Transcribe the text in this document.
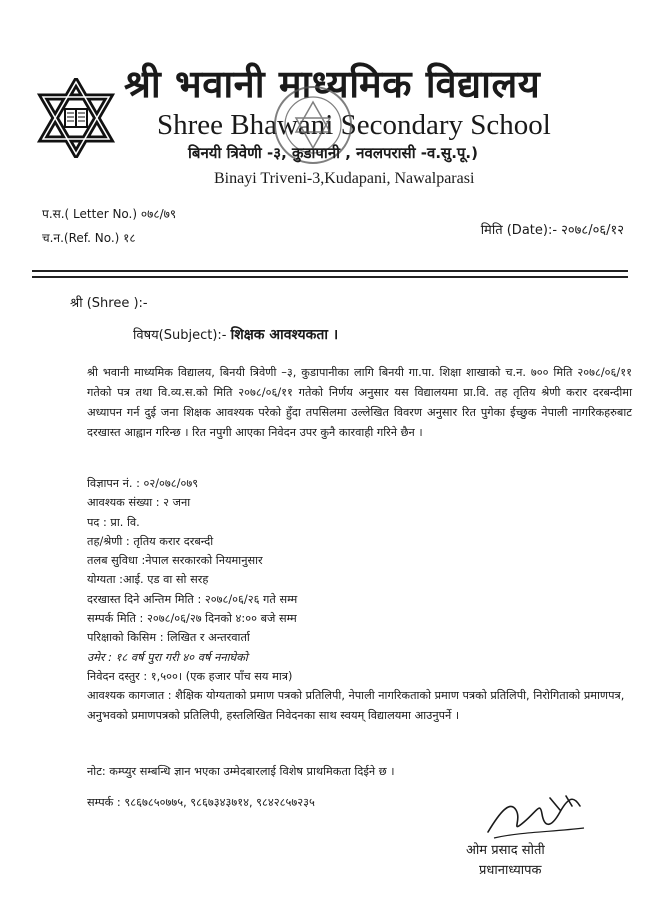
श्री भवानी माध्यमिक विद्यालय
Shree Bhawani Secondary School
बिनयी त्रिवेणी -३, कुडापानी , नवलपरासी -व.सु.पू.)
Binayi Triveni-3,Kudapani, Nawalparasi
प.स.( Letter No.) ०७८/७९
च.न.(Ref. No.) १८	मिति (Date):- २०७८/०६/१२
श्री (Shree ):-
विषय(Subject):- शिक्षक आवश्यकता ।
श्री भवानी माध्यमिक विद्यालय, बिनयी त्रिवेणी –३, कुडापानीका लागि बिनयी गा.पा. शिक्षा शाखाको च.न. ७०० मिति २०७८/०६/११ गतेको पत्र तथा वि.व्य.स.को मिति २०७८/०६/११ गतेको निर्णय अनुसार यस विद्यालयमा प्रा.वि. तह तृतिय श्रेणी करार दरबन्दीमा अध्यापन गर्न दुई जना शिक्षक आवश्यक परेको हुँदा तपसिलमा उल्लेखित विवरण अनुसार रित पुगेका ईच्छुक नेपाली नागरिकहरुबाट दरखास्त आह्वान गरिन्छ । रित नपुगी आएका निवेदन उपर कुनै कारवाही गरिने छैन ।
विज्ञापन नं. : ०२/०७८/०७९
आवश्यक संख्या : २ जना
पद : प्रा. वि.
तह/श्रेणी : तृतिय करार दरबन्दी
तलब सुविधा :नेपाल सरकारको नियमानुसार
योग्यता :आई. एड वा सो सरह
दरखास्त दिने अन्तिम मिति : २०७८/०६/२६ गते सम्म
सम्पर्क मिति : २०७८/०६/२७ दिनको ४:०० बजे सम्म
परिक्षाको किसिम : लिखित र अन्तरवार्ता
उमेर : १८ वर्ष पुरा गरी ४० वर्ष ननाघेको
निवेदन दस्तुर : १,५००। (एक हजार पाँच सय मात्र)
आवश्यक कागजात : शैक्षिक योग्यताको प्रमाण पत्रको प्रतिलिपी, नेपाली नागरिकताको प्रमाण पत्रको प्रतिलिपी, निरोगिताको प्रमाणपत्र, अनुभवको प्रमाणपत्रको प्रतिलिपी, हस्तलिखित निवेदनका साथ स्वयम् विद्यालयमा आउनुपर्ने ।
नोट: कम्प्युर सम्बन्धि ज्ञान भएका उम्मेदबारलाई विशेष प्राथमिकता दिईने छ ।
सम्पर्क : ९८६७८५०७७५, ९८६७३४३७१४, ९८४२८५७२३५
ओम प्रसाद सोती
प्रधानाध्यापक
